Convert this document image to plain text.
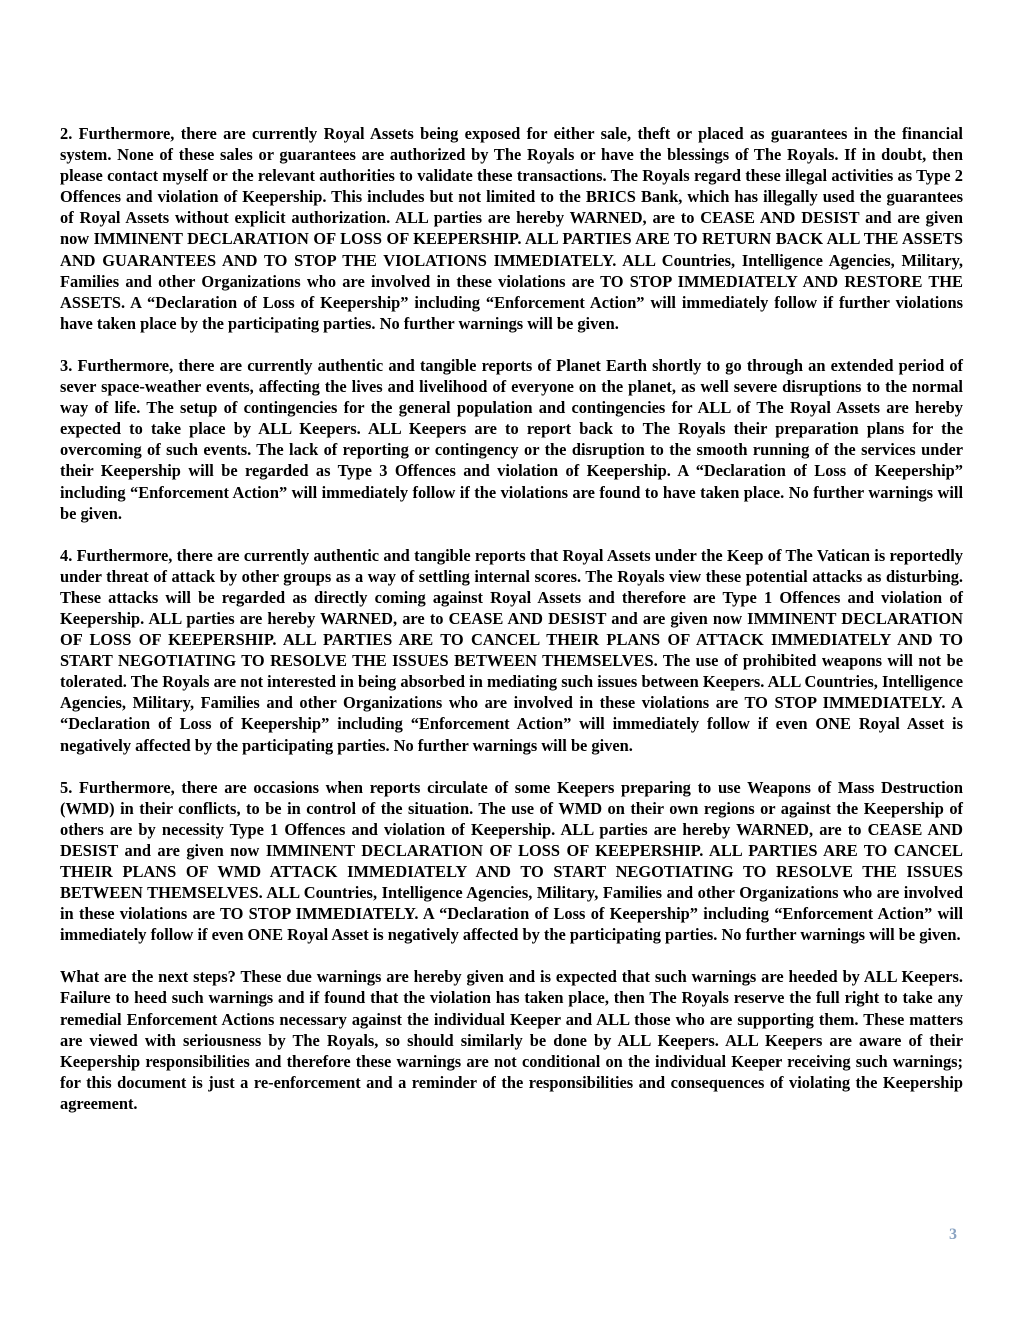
2. Furthermore, there are currently Royal Assets being exposed for either sale, theft or placed as guarantees in the financial system. None of these sales or guarantees are authorized by The Royals or have the blessings of The Royals. If in doubt, then please contact myself or the relevant authorities to validate these transactions. The Royals regard these illegal activities as Type 2 Offences and violation of Keepership. This includes but not limited to the BRICS Bank, which has illegally used the guarantees of Royal Assets without explicit authorization. ALL parties are hereby WARNED, are to CEASE AND DESIST and are given now IMMINENT DECLARATION OF LOSS OF KEEPERSHIP. ALL PARTIES ARE TO RETURN BACK ALL THE ASSETS AND GUARANTEES AND TO STOP THE VIOLATIONS IMMEDIATELY. ALL Countries, Intelligence Agencies, Military, Families and other Organizations who are involved in these violations are TO STOP IMMEDIATELY AND RESTORE THE ASSETS. A “Declaration of Loss of Keepership” including “Enforcement Action” will immediately follow if further violations have taken place by the participating parties. No further warnings will be given.

3. Furthermore, there are currently authentic and tangible reports of Planet Earth shortly to go through an extended period of sever space-weather events, affecting the lives and livelihood of everyone on the planet, as well severe disruptions to the normal way of life. The setup of contingencies for the general population and contingencies for ALL of The Royal Assets are hereby expected to take place by ALL Keepers. ALL Keepers are to report back to The Royals their preparation plans for the overcoming of such events. The lack of reporting or contingency or the disruption to the smooth running of the services under their Keepership will be regarded as Type 3 Offences and violation of Keepership. A “Declaration of Loss of Keepership” including “Enforcement Action” will immediately follow if the violations are found to have taken place. No further warnings will be given.

4. Furthermore, there are currently authentic and tangible reports that Royal Assets under the Keep of The Vatican is reportedly under threat of attack by other groups as a way of settling internal scores. The Royals view these potential attacks as disturbing. These attacks will be regarded as directly coming against Royal Assets and therefore are Type 1 Offences and violation of Keepership. ALL parties are hereby WARNED, are to CEASE AND DESIST and are given now IMMINENT DECLARATION OF LOSS OF KEEPERSHIP. ALL PARTIES ARE TO CANCEL THEIR PLANS OF ATTACK IMMEDIATELY AND TO START NEGOTIATING TO RESOLVE THE ISSUES BETWEEN THEMSELVES. The use of prohibited weapons will not be tolerated. The Royals are not interested in being absorbed in mediating such issues between Keepers. ALL Countries, Intelligence Agencies, Military, Families and other Organizations who are involved in these violations are TO STOP IMMEDIATELY. A “Declaration of Loss of Keepership” including “Enforcement Action” will immediately follow if even ONE Royal Asset is negatively affected by the participating parties. No further warnings will be given.

5. Furthermore, there are occasions when reports circulate of some Keepers preparing to use Weapons of Mass Destruction (WMD) in their conflicts, to be in control of the situation. The use of WMD on their own regions or against the Keepership of others are by necessity Type 1 Offences and violation of Keepership. ALL parties are hereby WARNED, are to CEASE AND DESIST and are given now IMMINENT DECLARATION OF LOSS OF KEEPERSHIP. ALL PARTIES ARE TO CANCEL THEIR PLANS OF WMD ATTACK IMMEDIATELY AND TO START NEGOTIATING TO RESOLVE THE ISSUES BETWEEN THEMSELVES. ALL Countries, Intelligence Agencies, Military, Families and other Organizations who are involved in these violations are TO STOP IMMEDIATELY. A “Declaration of Loss of Keepership” including “Enforcement Action” will immediately follow if even ONE Royal Asset is negatively affected by the participating parties. No further warnings will be given.

What are the next steps? These due warnings are hereby given and is expected that such warnings are heeded by ALL Keepers. Failure to heed such warnings and if found that the violation has taken place, then The Royals reserve the full right to take any remedial Enforcement Actions necessary against the individual Keeper and ALL those who are supporting them. These matters are viewed with seriousness by The Royals, so should similarly be done by ALL Keepers. ALL Keepers are aware of their Keepership responsibilities and therefore these warnings are not conditional on the individual Keeper receiving such warnings; for this document is just a re-enforcement and a reminder of the responsibilities and consequences of violating the Keepership agreement.

3
